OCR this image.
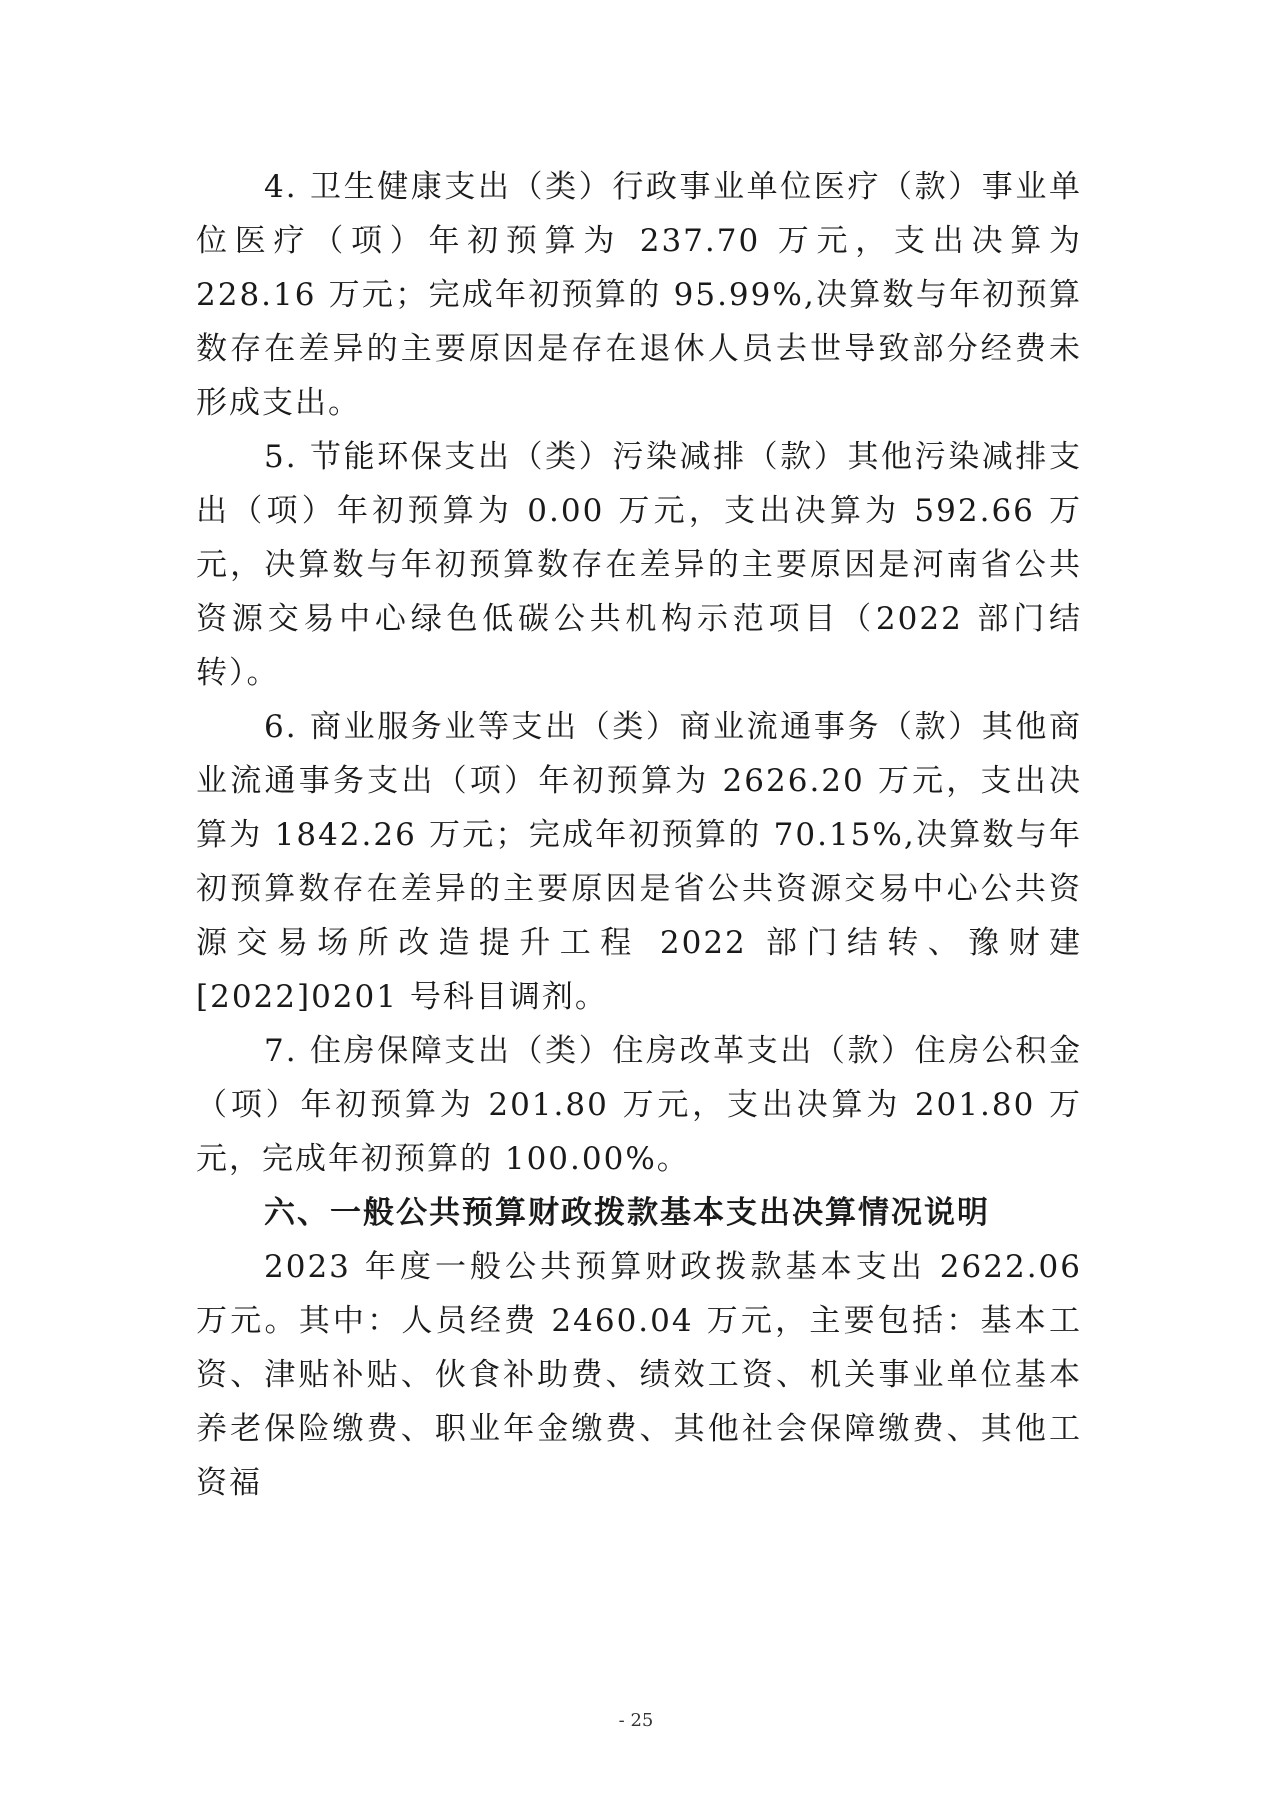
4. 卫生健康支出（类）行政事业单位医疗（款）事业单位医疗（项）年初预算为 237.70 万元，支出决算为 228.16 万元；完成年初预算的 95.99%,决算数与年初预算数存在差异的主要原因是存在退休人员去世导致部分经费未形成支出。

5. 节能环保支出（类）污染减排（款）其他污染减排支出（项）年初预算为 0.00 万元，支出决算为 592.66 万元，决算数与年初预算数存在差异的主要原因是河南省公共资源交易中心绿色低碳公共机构示范项目（2022 部门结转）。

6. 商业服务业等支出（类）商业流通事务（款）其他商业流通事务支出（项）年初预算为 2626.20 万元，支出决算为 1842.26 万元；完成年初预算的 70.15%,决算数与年初预算数存在差异的主要原因是省公共资源交易中心公共资源交易场所改造提升工程 2022 部门结转、豫财建[2022]0201 号科目调剂。

7. 住房保障支出（类）住房改革支出（款）住房公积金（项）年初预算为 201.80 万元，支出决算为 201.80 万元，完成年初预算的 100.00%。

六、一般公共预算财政拨款基本支出决算情况说明

2023 年度一般公共预算财政拨款基本支出 2622.06 万元。其中：人员经费 2460.04 万元，主要包括：基本工资、津贴补贴、伙食补助费、绩效工资、机关事业单位基本养老保险缴费、职业年金缴费、其他社会保障缴费、其他工资福

- 25
